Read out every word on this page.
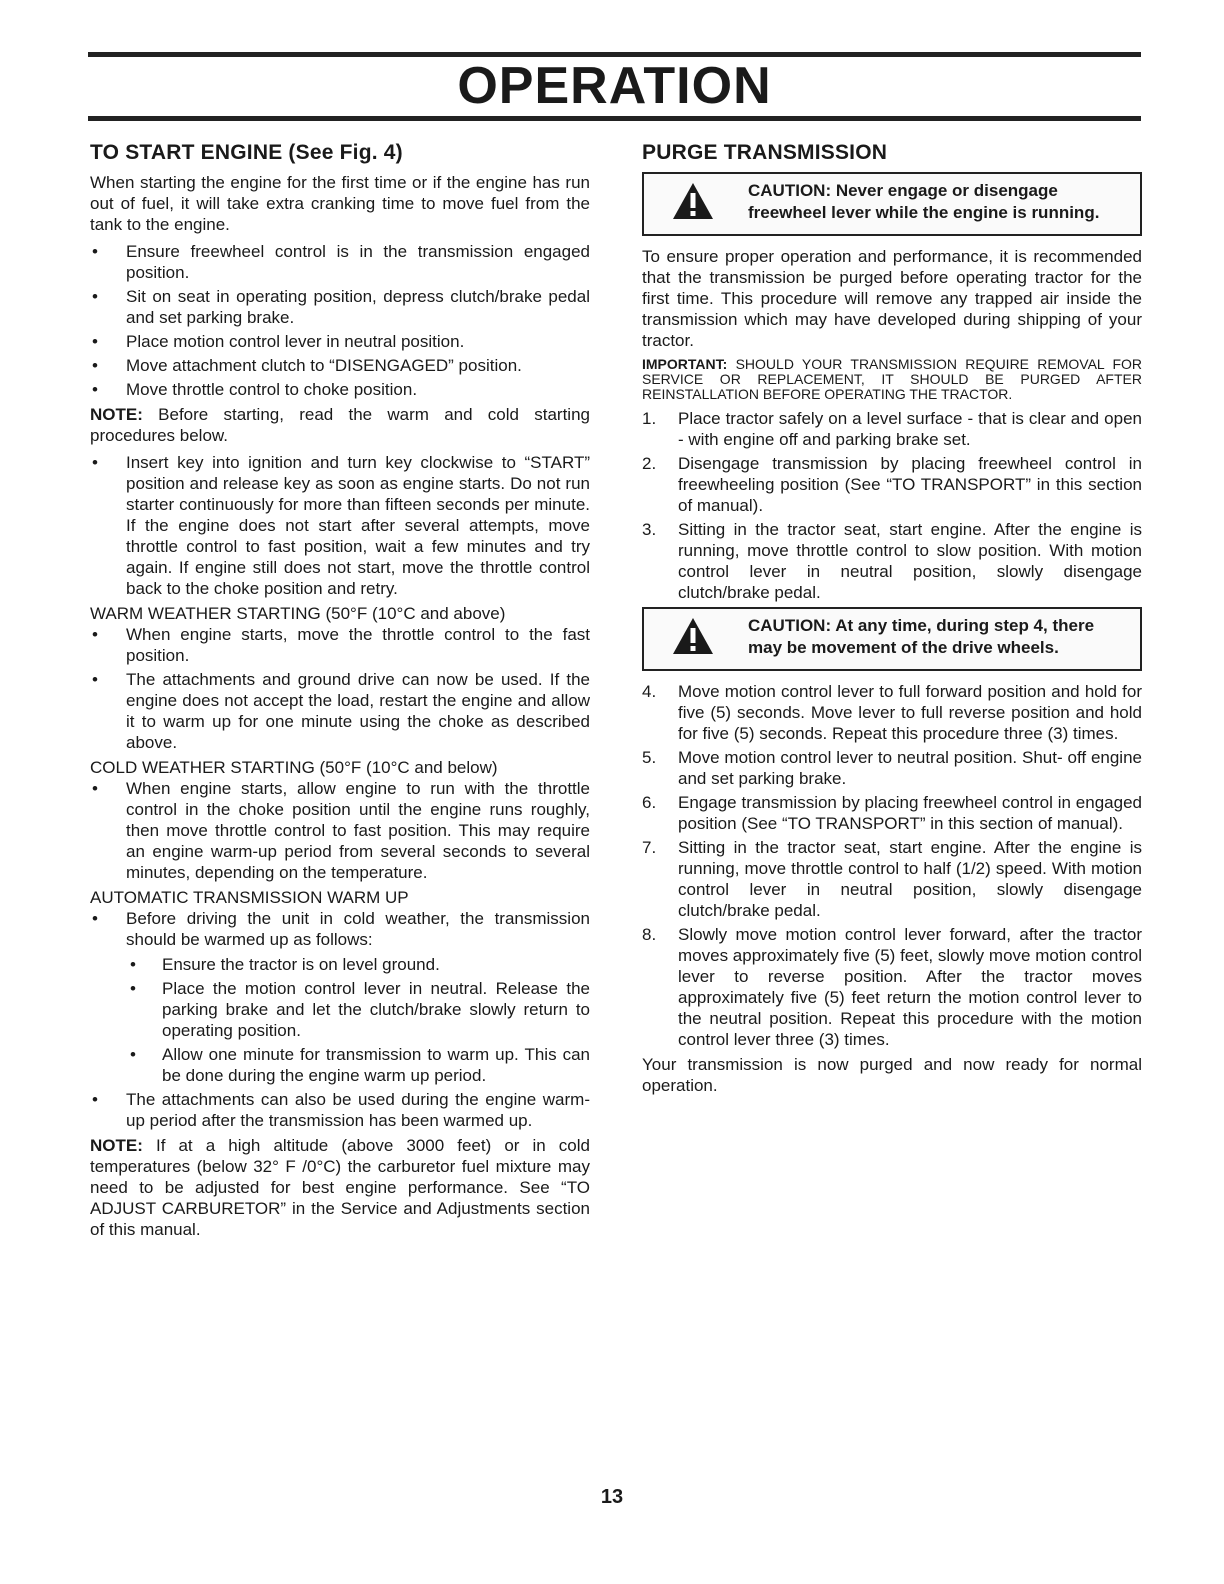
OPERATION
TO START ENGINE (See Fig. 4)

When starting the engine for the first time or if the engine has run out of fuel, it will take extra cranking time to move fuel from the tank to the engine.

• Ensure freewheel control is in the transmission engaged position.
• Sit on seat in operating position, depress clutch/brake pedal and set parking brake.
• Place motion control lever in neutral position.
• Move attachment clutch to “DISENGAGED” position.
• Move throttle control to choke position.

NOTE: Before starting, read the warm and cold starting procedures below.

• Insert key into ignition and turn key clockwise to “START” position and release key as soon as engine starts. Do not run starter continuously for more than fifteen seconds per minute. If the engine does not start after several attempts, move throttle control to fast position, wait a few minutes and try again. If engine still does not start, move the throttle control back to the choke position and retry.
WARM WEATHER STARTING (50°F (10°C and above)
• When engine starts, move the throttle control to the fast position.
• The attachments and ground drive can now be used. If the engine does not accept the load, restart the engine and allow it to warm up for one minute using the choke as described above.
COLD WEATHER STARTING (50°F (10°C and below)
• When engine starts, allow engine to run with the throttle control in the choke position until the engine runs roughly, then move throttle control to fast position. This may require an engine warm-up period from several seconds to several minutes, depending on the temperature.
AUTOMATIC TRANSMISSION WARM UP
• Before driving the unit in cold weather, the transmission should be warmed up as follows:
• Ensure the tractor is on level ground.
• Place the motion control lever in neutral. Release the parking brake and let the clutch/brake slowly return to operating position.
• Allow one minute for transmission to warm up. This can be done during the engine warm up period.
• The attachments can also be used during the engine warm-up period after the transmission has been warmed up.

NOTE: If at a high altitude (above 3000 feet) or in cold temperatures (below 32° F /0°C) the carburetor fuel mixture may need to be adjusted for best engine performance. See “TO ADJUST CARBURETOR” in the Service and Adjustments section of this manual.

PURGE TRANSMISSION
CAUTION: Never engage or disengage freewheel lever while the engine is running.

To ensure proper operation and performance, it is recommended that the transmission be purged before operating tractor for the first time. This procedure will remove any trapped air inside the transmission which may have developed during shipping of your tractor.

IMPORTANT: SHOULD YOUR TRANSMISSION REQUIRE REMOVAL FOR SERVICE OR REPLACEMENT, IT SHOULD BE PURGED AFTER REINSTALLATION BEFORE OPERATING THE TRACTOR.

1. Place tractor safely on a level surface - that is clear and open - with engine off and parking brake set.
2. Disengage transmission by placing freewheel control in freewheeling position (See “TO TRANSPORT” in this section of manual).
3. Sitting in the tractor seat, start engine. After the engine is running, move throttle control to slow position. With motion control lever in neutral position, slowly disengage clutch/brake pedal.
CAUTION: At any time, during step 4, there may be movement of the drive wheels.
4. Move motion control lever to full forward position and hold for five (5) seconds. Move lever to full reverse position and hold for five (5) seconds. Repeat this procedure three (3) times.
5. Move motion control lever to neutral position. Shut- off engine and set parking brake.
6. Engage transmission by placing freewheel control in engaged position (See “TO TRANSPORT” in this section of manual).
7. Sitting in the tractor seat, start engine. After the engine is running, move throttle control to half (1/2) speed. With motion control lever in neutral position, slowly disengage clutch/brake pedal.
8. Slowly move motion control lever forward, after the tractor moves approximately five (5) feet, slowly move motion control lever to reverse position. After the tractor moves approximately five (5) feet return the motion control lever to the neutral position. Repeat this procedure with the motion control lever three (3) times.

Your transmission is now purged and now ready for normal operation.

13
